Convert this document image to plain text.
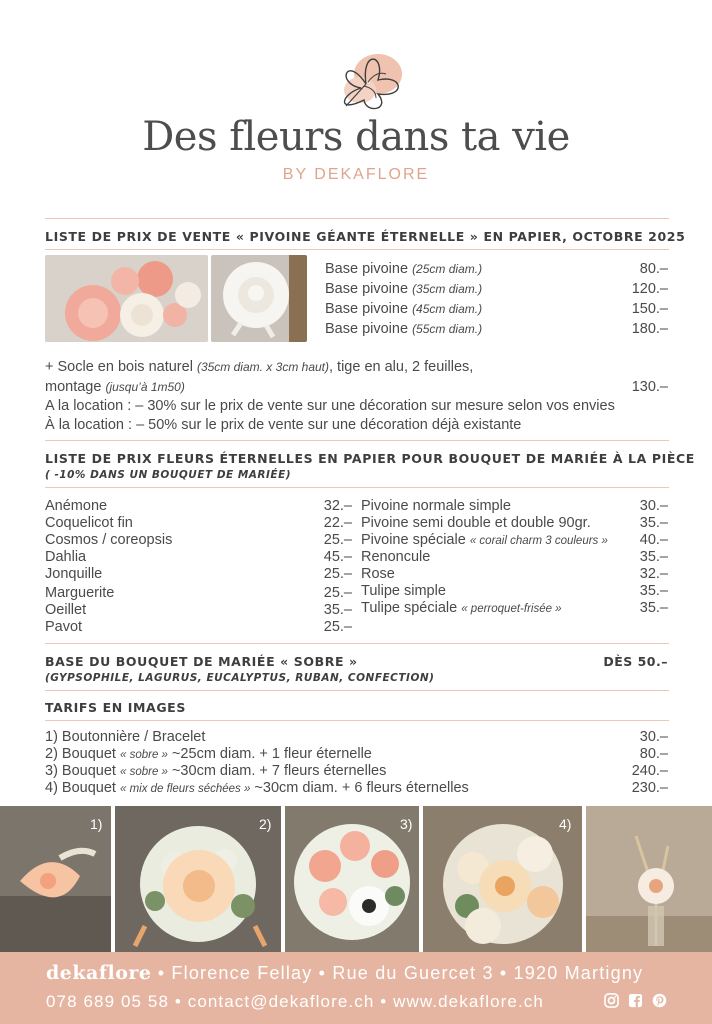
Des fleurs dans ta vie
BY DEKAFLORE
LISTE DE PRIX DE VENTE « PIVOINE GÉANTE ÉTERNELLE » EN PAPIER, OCTOBRE 2025
Base pivoine (25cm diam.)	80.–
Base pivoine (35cm diam.)	120.–
Base pivoine (45cm diam.)	150.–
Base pivoine (55cm diam.)	180.–
+ Socle en bois naturel (35cm diam. x 3cm haut), tige en alu, 2 feuilles,
montage (jusqu’à 1m50)	130.–
A la location : – 30% sur le prix de vente sur une décoration sur mesure selon vos envies
À la location : – 50% sur le prix de vente sur une décoration déjà existante
LISTE DE PRIX FLEURS ÉTERNELLES EN PAPIER POUR BOUQUET DE MARIÉE À LA PIÈCE
( -10% DANS UN BOUQUET DE MARIÉE)
Anémone	32.–
Coquelicot fin	22.–
Cosmos / coreopsis	25.–
Dahlia	45.–
Jonquille	25.–
Marguerite	25.–
Oeillet	35.–
Pavot	25.–
Pivoine normale simple	30.–
Pivoine semi double et double 90gr.	35.–
Pivoine spéciale « corail charm 3 couleurs » 40.–
Renoncule	35.–
Rose	32.–
Tulipe simple	35.–
Tulipe spéciale « perroquet-frisée »	35.–
BASE DU BOUQUET DE MARIÉE « SOBRE »	DÈS 50.–
(GYPSOPHILE, LAGURUS, EUCALYPTUS, RUBAN, CONFECTION)
TARIFS EN IMAGES
1) Boutonnière / Bracelet	30.–
2) Bouquet « sobre » ~25cm diam. + 1 fleur éternelle	80.–
3) Bouquet « sobre » ~30cm diam. + 7 fleurs éternelles	240.–
4) Bouquet « mix de fleurs séchées » ~30cm diam. + 6 fleurs éternelles	230.–
1)	2)	3)	4)
dekaflore • Florence Fellay • Rue du Guercet 3 • 1920 Martigny
078 689 05 58 • contact@dekaflore.ch • www.dekaflore.ch
